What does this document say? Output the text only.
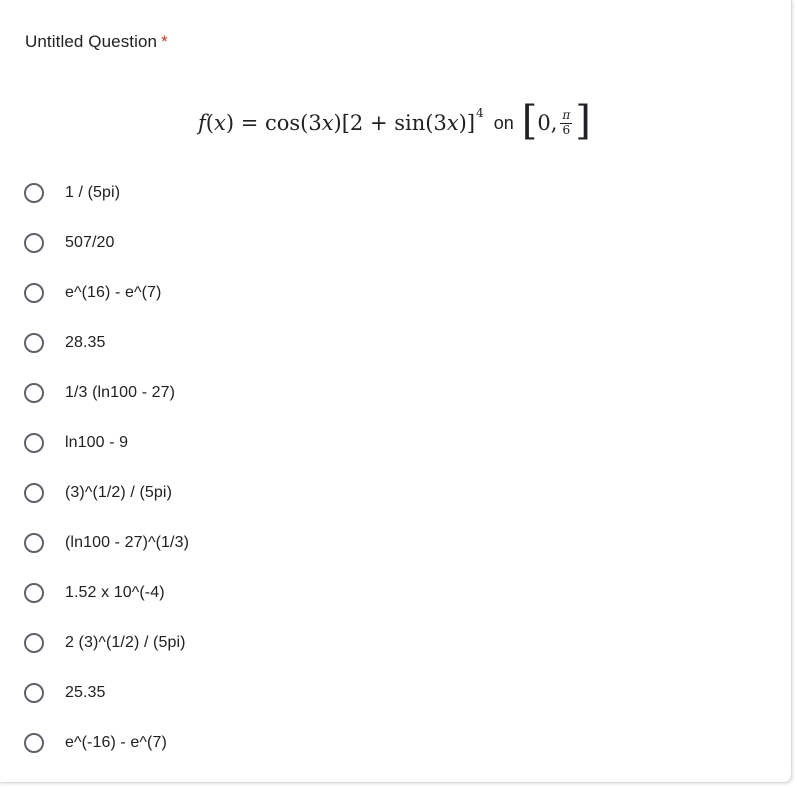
Untitled Question *
f ( x ) = cos(3 x )[2 + sin(3 x )] 4 on [ 0, $\frac{\pi}{6}$ ]
1 / (5pi)
507/20
e^(16) - e^(7)
28.35
1/3 (ln100 - 27)
ln100 - 9
(3)^(1/2) / (5pi)
(ln100 - 27)^(1/3)
1.52 x 10^(-4)
2 (3)^(1/2) / (5pi)
25.35
e^(-16) - e^(7)
